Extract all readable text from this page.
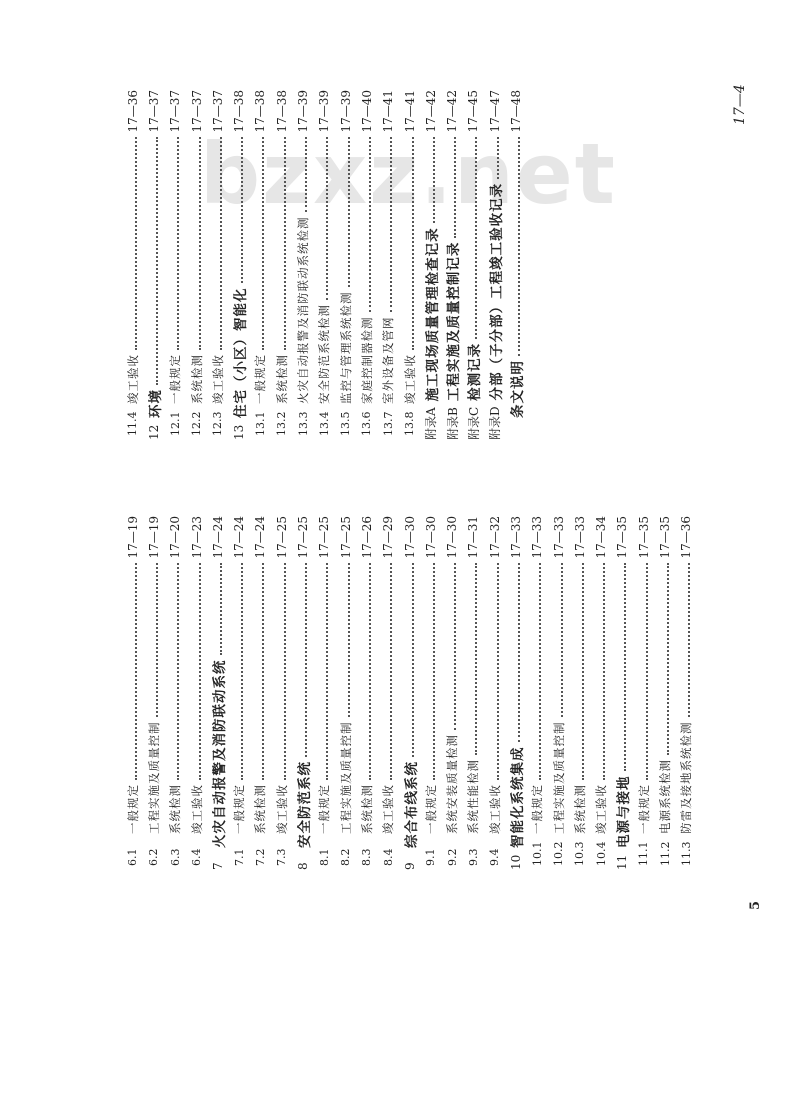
bzxz.net
6.1
一般规定
17—19
6.2
工程实施及质量控制
17—19
6.3
系统检测
17—20
6.4
竣工验收
17—23
7
火灾自动报警及消防联动系统
17—24
7.1
一般规定
17—24
7.2
系统检测
17—24
7.3
竣工验收
17—25
8
安全防范系统
17—25
8.1
一般规定
17—25
8.2
工程实施及质量控制
17—25
8.3
系统检测
17—26
8.4
竣工验收
17—29
9
综合布线系统
17—30
9.1
一般规定
17—30
9.2
系统安装质量检测
17—30
9.3
系统性能检测
17—31
9.4
竣工验收
17—32
10
智能化系统集成
17—33
10.1
一般规定
17—33
10.2
工程实施及质量控制
17—33
10.3
系统检测
17—33
10.4
竣工验收
17—34
11
电源与接地
17—35
11.1
一般规定
17—35
11.2
电源系统检测
17—35
11.3
防雷及接地系统检测
17—36
11.4
竣工验收
17—36
12
环境
17—37
12.1
一般规定
17—37
12.2
系统检测
17—37
12.3
竣工验收
17—37
13
住宅（小区）智能化
17—38
13.1
一般规定
17—38
13.2
系统检测
17—38
13.3
火灾自动报警及消防联动系统检测
17—39
13.4
安全防范系统检测
17—39
13.5
监控与管理系统检测
17—39
13.6
家庭控制器检测
17—40
13.7
室外设备及管网
17—41
13.8
竣工验收
17—41
附录A
施工现场质量管理检查记录
17—42
附录B
工程实施及质量控制记录
17—42
附录C
检测记录
17—45
附录D
分部（子分部）工程竣工验收记录
17—47
条文说明
17—48	17—4
5
